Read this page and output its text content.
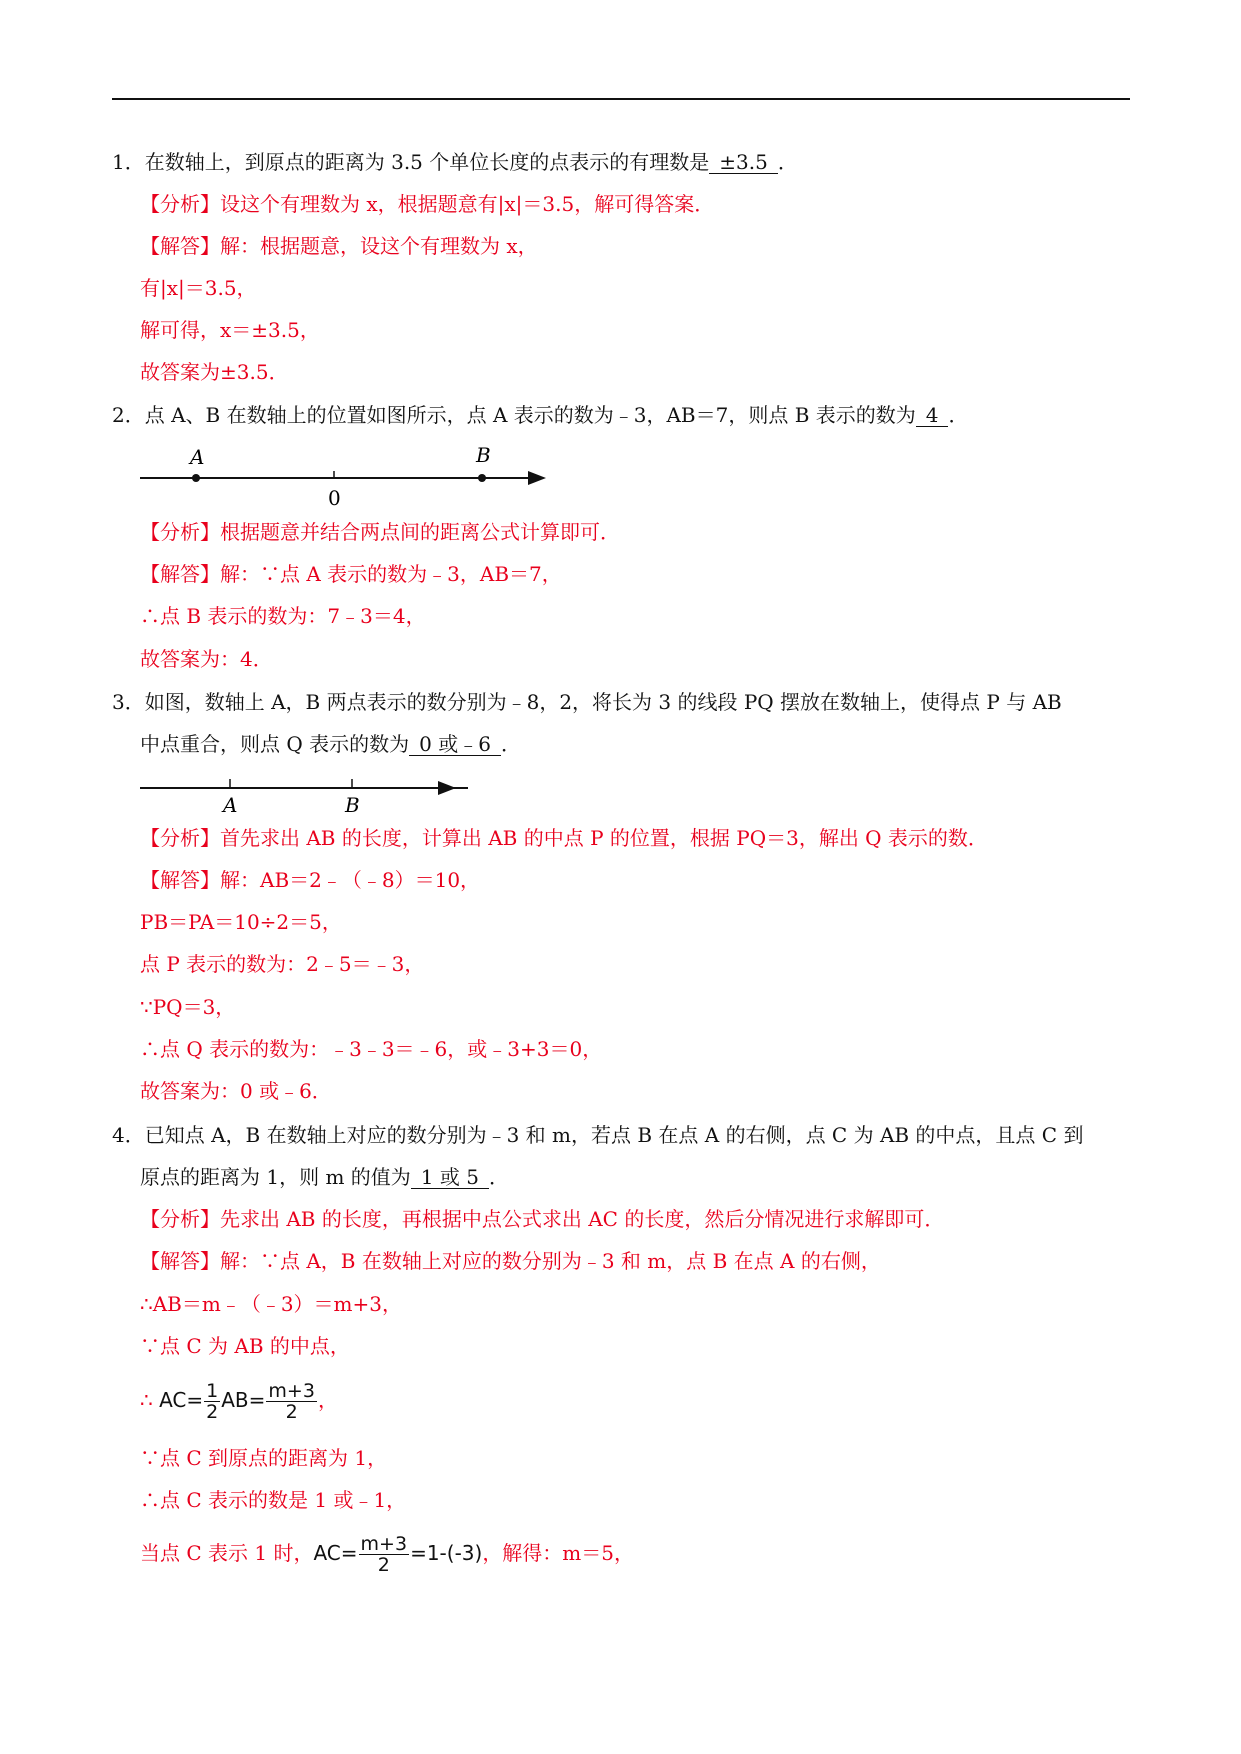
1．在数轴上，到原点的距离为 3.5 个单位长度的点表示的有理数是 ±3.5 ．
【分析】设这个有理数为 x，根据题意有|x|＝3.5，解可得答案．
【解答】解：根据题意，设这个有理数为 x，
有|x|＝3.5，
解可得，x＝±3.5，
故答案为±3.5．
2．点 A、B 在数轴上的位置如图所示，点 A 表示的数为﹣3，AB＝7，则点 B 表示的数为 4 ．
A
0
B
【分析】根据题意并结合两点间的距离公式计算即可．
【解答】解：∵点 A 表示的数为﹣3，AB＝7，
∴点 B 表示的数为：7﹣3＝4，
故答案为：4．
3．如图，数轴上 A，B 两点表示的数分别为﹣8，2，将长为 3 的线段 PQ 摆放在数轴上，使得点 P 与 AB
中点重合，则点 Q 表示的数为 0 或﹣6 ．
A	B
【分析】首先求出 AB 的长度，计算出 AB 的中点 P 的位置，根据 PQ＝3，解出 Q 表示的数．
【解答】解：AB＝2﹣（﹣8）＝10，
PB＝PA＝10÷2＝5，
点 P 表示的数为：2﹣5＝﹣3，
∵PQ＝3，
∴点 Q 表示的数为：﹣3﹣3＝﹣6，或﹣3+3＝0，
故答案为：0 或﹣6．
4．已知点 A，B 在数轴上对应的数分别为﹣3 和 m，若点 B 在点 A 的右侧，点 C 为 AB 的中点，且点 C 到
原点的距离为 1，则 m 的值为 1 或 5 ．
【分析】先求出 AB 的长度，再根据中点公式求出 AC 的长度，然后分情况进行求解即可．
【解答】解：∵点 A，B 在数轴上对应的数分别为﹣3 和 m，点 B 在点 A 的右侧，
∴AB＝m﹣（﹣3）＝m+3，
∵点 C 为 AB 的中点，
∴ $AC= \frac{1}{2} AB= \frac{m+3}{2}$ ，
∵点 C 到原点的距离为 1，
∴点 C 表示的数是 1 或﹣1，
当点 C 表示 1 时，$AC= \frac{m+3}{2} =1-(-3)$，解得：m＝5，
